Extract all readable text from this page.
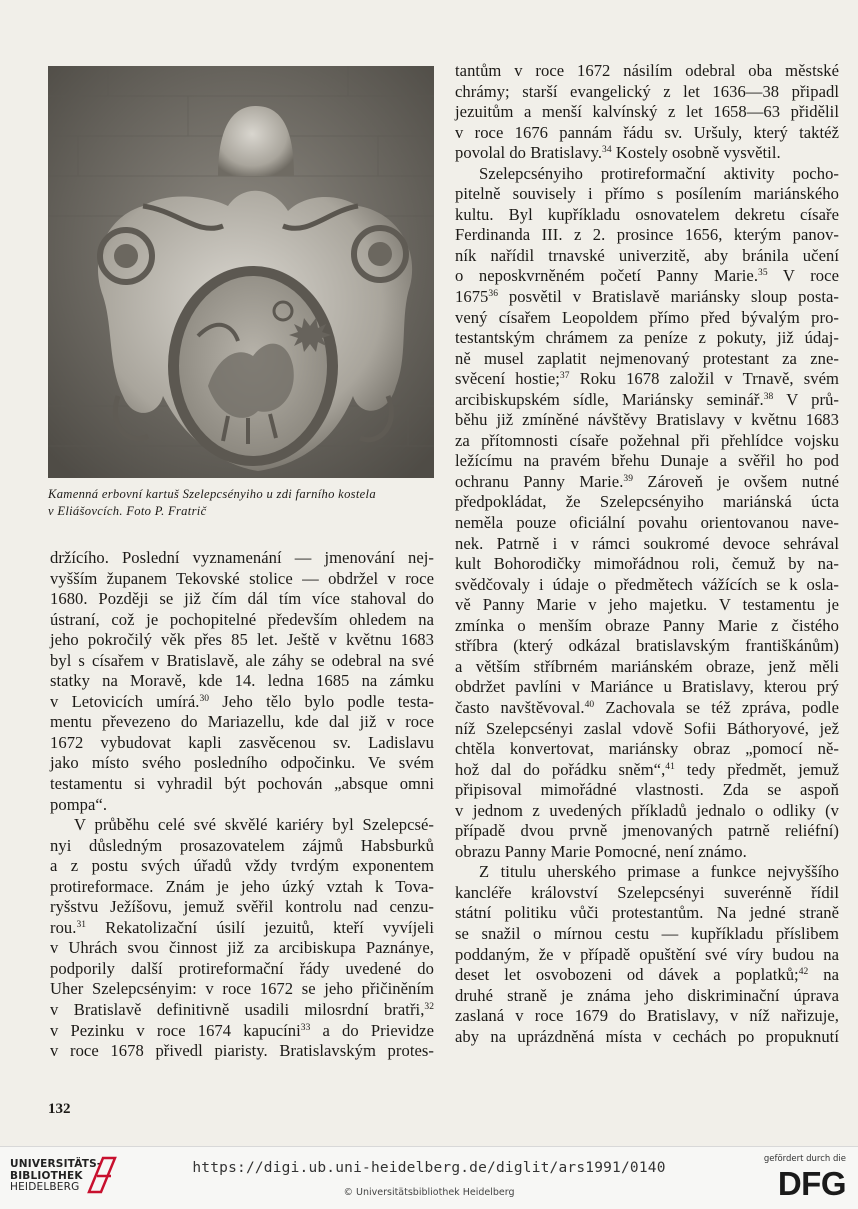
Kamenná erbovní kartuš Szelepcsényiho u zdi farního kostela
v Eliášovcích. Foto P. Fratrič
držícího. Poslední vyznamenání — jmenování nej-
vyšším županem Tekovské stolice — obdržel v roce
1680. Později se již čím dál tím více stahoval do
ústraní, což je pochopitelné především ohledem na
jeho pokročilý věk přes 85 let. Ještě v květnu 1683
byl s císařem v Bratislavě, ale záhy se odebral na své
statky na Moravě, kde 14. ledna 1685 na zámku
v Letovicích umírá.$^{30}$ Jeho tělo bylo podle testa-
mentu převezeno do Mariazellu, kde dal již v roce
1672 vybudovat kapli zasvěcenou sv. Ladislavu
jako místo svého posledního odpočinku. Ve svém
testamentu si vyhradil být pochován „absque omni
pompa“.
V průběhu celé své skvělé kariéry byl Szelepcsé-
nyi důsledným prosazovatelem zájmů Habsburků
a z postu svých úřadů vždy tvrdým exponentem
protireformace. Znám je jeho úzký vztah k Tova-
ryšstvu Ježíšovu, jemuž svěřil kontrolu nad cenzu-
rou.$^{31}$ Rekatolizační úsilí jezuitů, kteří vyvíjeli
v Uhrách svou činnost již za arcibiskupa Paznánye,
podporily další protireformační řády uvedené do
Uher Szelepcsényim: v roce 1672 se jeho přičiněním
v Bratislavě definitivně usadili milosrdní bratři,$^{32}$
v Pezinku v roce 1674 kapucíni$^{33}$ a do Prievidze
v roce 1678 přivedl piaristy. Bratislavským protes-
tantům v roce 1672 násilím odebral oba městské
chrámy; starší evangelický z let 1636—38 připadl
jezuitům a menší kalvínský z let 1658—63 přidělil
v roce 1676 pannám řádu sv. Uršuly, který taktéž
povolal do Bratislavy.$^{34}$ Kostely osobně vysvětil.
Szelepcsényiho protireformační aktivity pocho-
pitelně souvisely i přímo s posílením mariánského
kultu. Byl kupříkladu osnovatelem dekretu císaře
Ferdinanda III. z 2. prosince 1656, kterým panov-
ník nařídil trnavské univerzitě, aby bránila učení
o neposkvrněném početí Panny Marie.$^{35}$ V roce
1675$^{36}$ posvětil v Bratislavě mariánsky sloup posta-
vený císařem Leopoldem přímo před bývalým pro-
testantským chrámem za peníze z pokuty, již údaj-
ně musel zaplatit nejmenovaný protestant za zne-
svěcení hostie;$^{37}$ Roku 1678 založil v Trnavě, svém
arcibiskupském sídle, Mariánsky seminář.$^{38}$ V prů-
běhu již zmíněné návštěvy Bratislavy v květnu 1683
za přítomnosti císaře požehnal při přehlídce vojsku
ležícímu na pravém břehu Dunaje a svěřil ho pod
ochranu Panny Marie.$^{39}$ Zároveň je ovšem nutné
předpokládat, že Szelepcsényiho mariánská úcta
neměla pouze oficiální povahu orientovanou nave-
nek. Patrně i v rámci soukromé devoce sehrával
kult Bohorodičky mimořádnou roli, čemuž by na-
svědčovaly i údaje o předmětech vážících se k osla-
vě Panny Marie v jeho majetku. V testamentu je
zmínka o menším obraze Panny Marie z čistého
stříbra (který odkázal bratislavským františkánům)
a větším stříbrném mariánském obraze, jenž měli
obdržet pavlíni v Mariánce u Bratislavy, kterou prý
často navštěvoval.$^{40}$ Zachovala se též zpráva, podle
níž Szelepcsényi zaslal vdově Sofii Báthoryové, jež
chtěla konvertovat, mariánsky obraz „pomocí ně-
hož dal do pořádku sněm“,$^{41}$ tedy předmět, jemuž
připisoval mimořádné vlastnosti. Zda se aspoň
v jednom z uvedených příkladů jednalo o odliky (v
případě dvou prvně jmenovaných patrně reliéfní)
obrazu Panny Marie Pomocné, není známo.
Z titulu uherského primase a funkce nejvyššího
kancléře království Szelepcsényi suverénně řídil
státní politiku vůči protestantům. Na jedné straně
se snažil o mírnou cestu — kupříkladu příslibem
poddaným, že v případě opuštění své víry budou na
deset let osvobozeni od dávek a poplatků;$^{42}$ na
druhé straně je známa jeho diskriminační úprava
zaslaná v roce 1679 do Bratislavy, v níž nařizuje,
aby na uprázdněná místa v cechách po propuknutí
132
UNIVERSITÄTS-
BIBLIOTHEK
HEIDELBERG
https://digi.ub.uni-heidelberg.de/diglit/ars1991/0140
© Universitätsbibliothek Heidelberg
gefördert durch die
DFG
